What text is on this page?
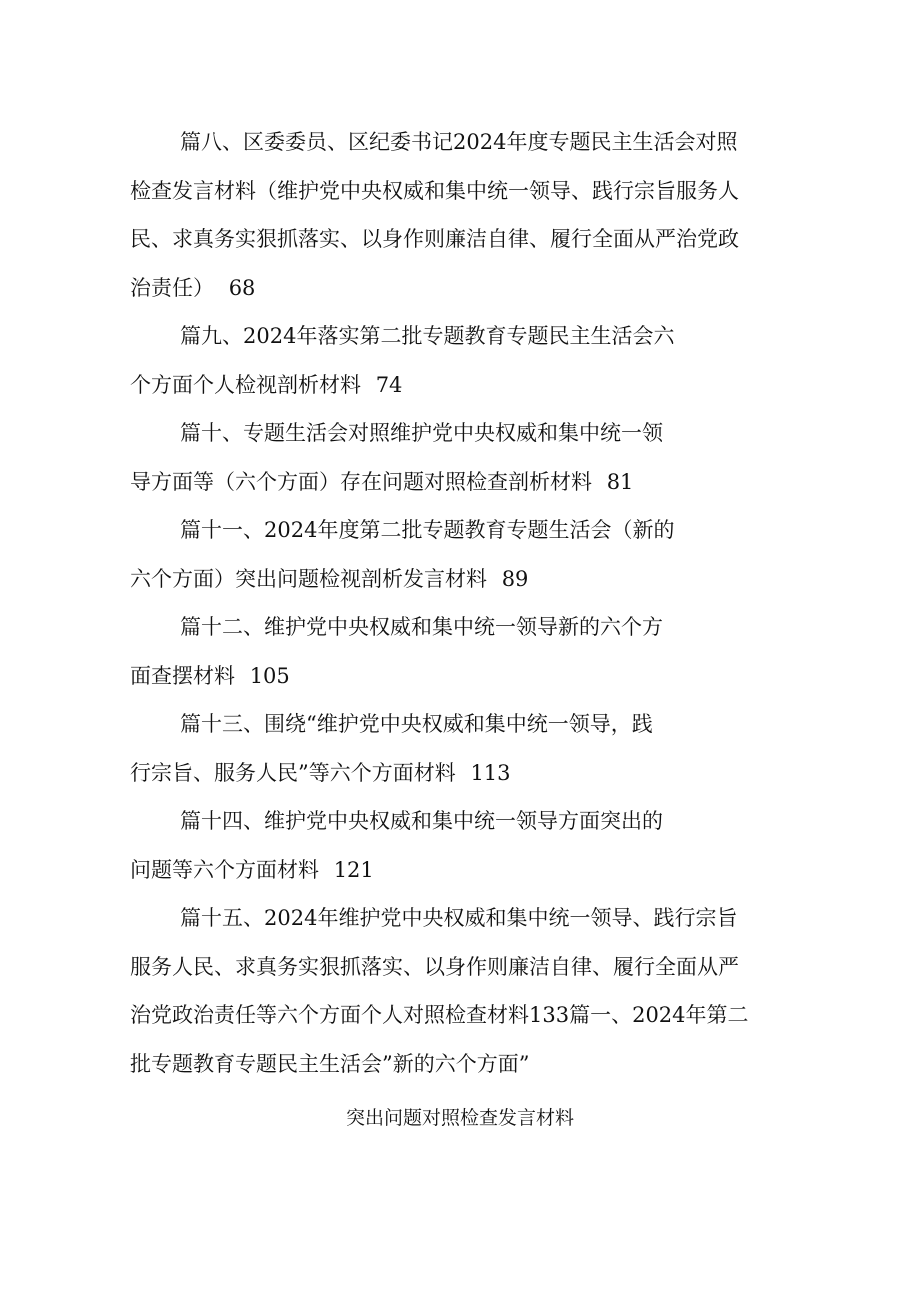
篇八、区委委员、区纪委书记2024年度专题民主生活会对照
检查发言材料（维护党中央权威和集中统一领导、践行宗旨服务人
民、求真务实狠抓落实、以身作则廉洁自律、履行全面从严治党政
治责任） 68
篇九、2024年落实第二批专题教育专题民主生活会六
个方面个人检视剖析材料 74
篇十、专题生活会对照维护党中央权威和集中统一领
导方面等（六个方面）存在问题对照检查剖析材料 81
篇十一、2024年度第二批专题教育专题生活会（新的
六个方面）突出问题检视剖析发言材料 89
篇十二、维护党中央权威和集中统一领导新的六个方
面查摆材料 105
篇十三、围绕“维护党中央权威和集中统一领导，践
行宗旨、服务人民”等六个方面材料 113
篇十四、维护党中央权威和集中统一领导方面突出的
问题等六个方面材料 121
篇十五、2024年维护党中央权威和集中统一领导、践行宗旨
服务人民、求真务实狠抓落实、以身作则廉洁自律、履行全面从严
治党政治责任等六个方面个人对照检查材料133篇一、2024年第二
批专题教育专题民主生活会”新的六个方面”
突出问题对照检查发言材料
